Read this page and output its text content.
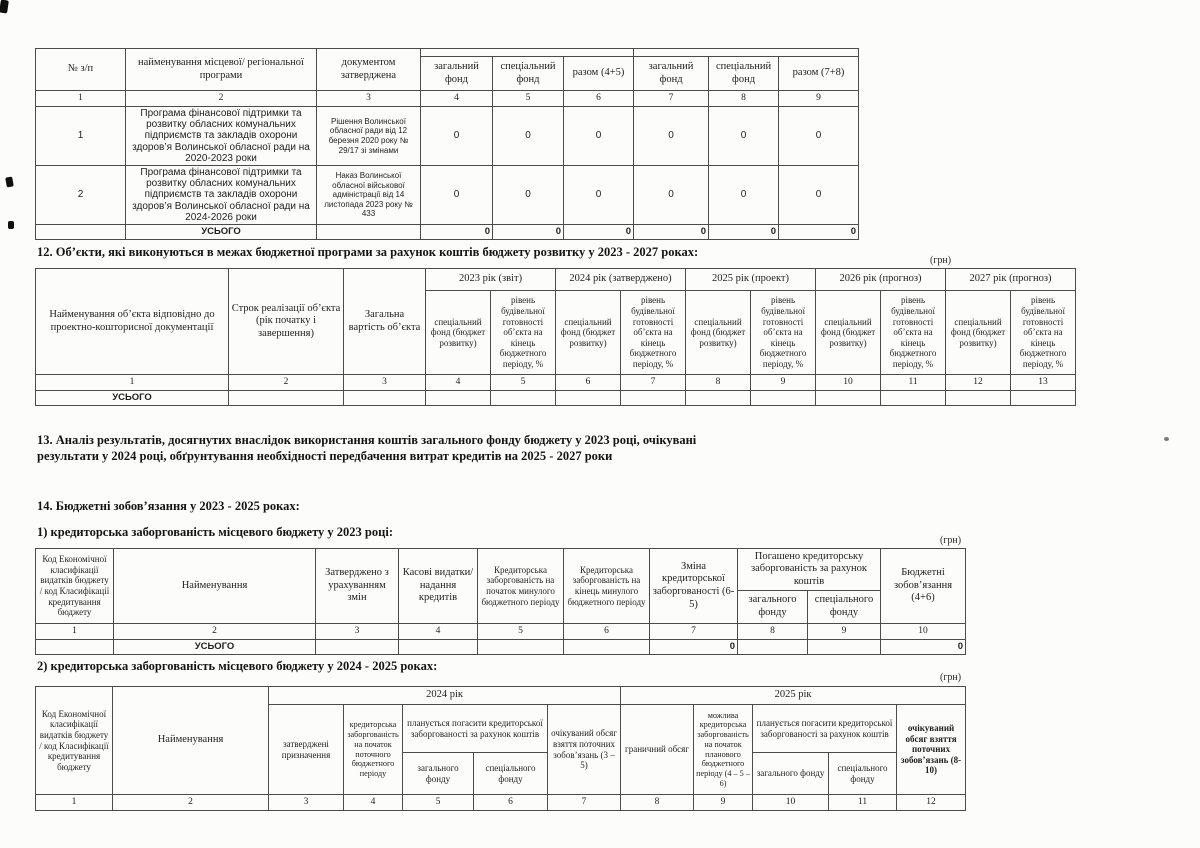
№ з/п	найменування місцевої/ регіональної програми	документом затверджена						
			загальний фонд	спеціальний фонд	разом (4+5)	загальний фонд	спеціальний фонд	разом (7+8)
1	2	3	4	5	6	7	8	9
1	Програма фінансової підтримки та розвитку обласних комунальних підприємств та закладів охорони здоров’я Волинської обласної ради на 2020-2023 роки	Рішення Волинської обласної ради від 12 березня 2020 року № 29/17 зі змінами	0	0	0	0	0	0
2	Програма фінансової підтримки та розвитку обласних комунальних підприємств та закладів охорони здоров’я Волинської обласної ради на 2024-2026 роки	Наказ Волинської обласної військової адміністрації від 14 листопада 2023 року № 433	0	0	0	0	0	0
	УСЬОГО		0	0	0	0	0	0
12. Об’єкти, які виконуються в межах бюджетної програми за рахунок коштів бюджету розвитку у 2023 - 2027 роках:
(грн)
Найменування об’єкта відповідно до проектно-кошторисної документації	Строк реалізації об’єкта (рік початку і завершення)	Загальна вартість об’єкта	2023 рік (звіт)		2024 рік (затверджено)		2025 рік (проект)		2026 рік (прогноз)		2027 рік (прогноз)	
			спеціальний фонд (бюджет розвитку)	рівень будівельної готовності об’єкта на кінець бюджетного періоду, %	спеціальний фонд (бюджет розвитку)	рівень будівельної готовності об’єкта на кінець бюджетного періоду, %	спеціальний фонд (бюджет розвитку)	рівень будівельної готовності об’єкта на кінець бюджетного періоду, %	спеціальний фонд (бюджет розвитку)	рівень будівельної готовності об’єкта на кінець бюджетного періоду, %	спеціальний фонд (бюджет розвитку)	рівень будівельної готовності об’єкта на кінець бюджетного періоду, %
1	2	3	4	5	6	7	8	9	10	11	12	13
УСЬОГО												
13. Аналіз результатів, досягнутих внаслідок використання коштів загального фонду бюджету у 2023 році, очікувані результати у 2024 році, обґрунтування необхідності передбачення витрат кредитів на 2025 - 2027 роки
14. Бюджетні зобов’язання у 2023 - 2025 роках:
1) кредиторська заборгованість місцевого бюджету у 2023 році:
(грн)
Код Економічної класифікації видатків бюджету / код Класифікації кредитування бюджету	Найменування	Затверджено з урахуванням змін	Касові видатки/ надання кредитів	Кредиторська заборгованість на початок минулого бюджетного періоду	Кредиторська заборгованість на кінець минулого бюджетного періоду	Зміна кредиторської заборгованості (6-5)	Погашено кредиторську заборгованість за рахунок коштів		Бюджетні зобов’язання (4+6)
							загального фонду	спеціального фонду	
1	2	3	4	5	6	7	8	9	10
	УСЬОГО					0			0
2) кредиторська заборгованість місцевого бюджету у 2024 - 2025 роках:
(грн)
Код Економічної класифікації видатків бюджету / код Класифікації кредитування бюджету	Найменування	2024 рік					2025 рік				
		затверджені призначення	кредиторська заборгованість на початок поточного бюджетного періоду	планується погасити кредиторської заборгованості за рахунок коштів		очікуваний обсяг взяття поточних зобов’язань (3 – 5)	граничний обсяг	можлива кредиторська заборгованість на початок планового бюджетного періоду (4 – 5 – 6)	планується погасити кредиторської заборгованості за рахунок коштів		очікуваний обсяг взяття поточних зобов’язань (8-10)
				загального фонду	спеціального фонду				загального фонду	спеціального фонду	
1	2	3	4	5	6	7	8	9	10	11	12
